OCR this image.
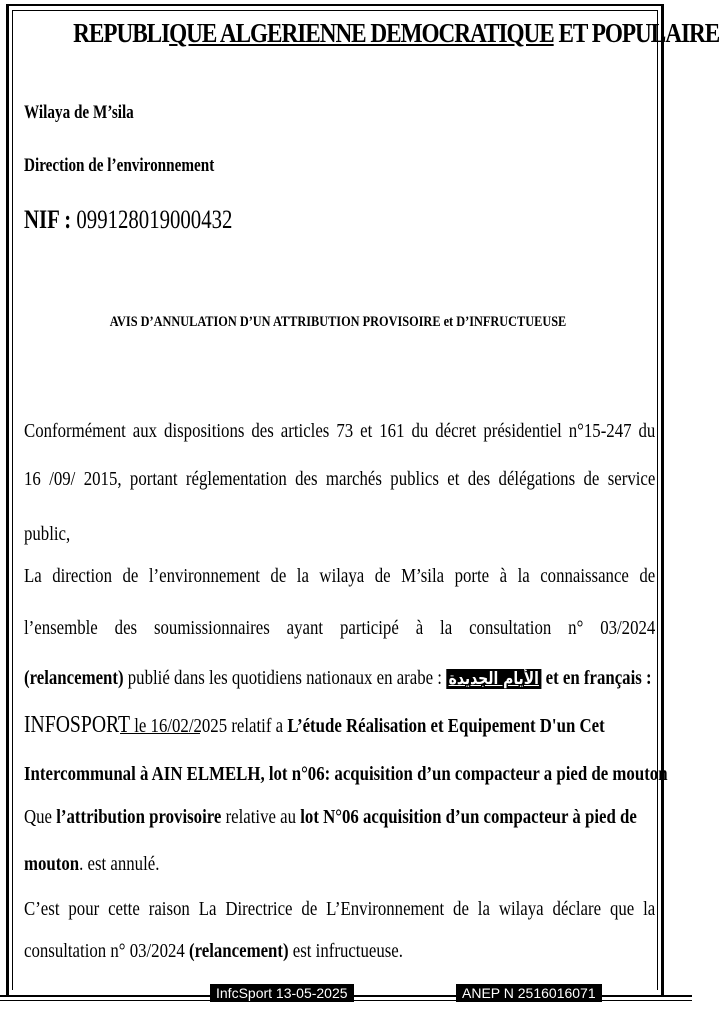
REPUBLIQUE ALGERIENNE DEMOCRATIQUE ET POPULAIRE
Wilaya de M’sila
Direction de l’environnement
NIF : 099128019000432
AVIS D’ANNULATION D’UN ATTRIBUTION PROVISOIRE et D’INFRUCTUEUSE
Conformément aux dispositions des articles 73 et 161 du décret présidentiel n°15-247 du
16 /09/ 2015, portant réglementation des marchés publics et des délégations de service
public,
La direction de l’environnement de la wilaya de M’sila porte à la connaissance de
l’ensemble des soumissionnaires ayant participé à la consultation n° 03/2024
(relancement) publié dans les quotidiens nationaux en arabe : الأيام الجديدة et en français :
INFOSPORT le 16/02/2025 relatif a L’étude Réalisation et Equipement D'un Cet
Intercommunal à AIN ELMELH, lot n°06: acquisition d’un compacteur a pied de mouton
Que l’attribution provisoire relative au lot N°06 acquisition d’un compacteur à pied de
mouton. est annulé.
C’est pour cette raison La Directrice de L’Environnement de la wilaya déclare que la
consultation n° 03/2024 (relancement) est infructueuse.
InfcSport 13-05-2025	ANEP N 2516016071
